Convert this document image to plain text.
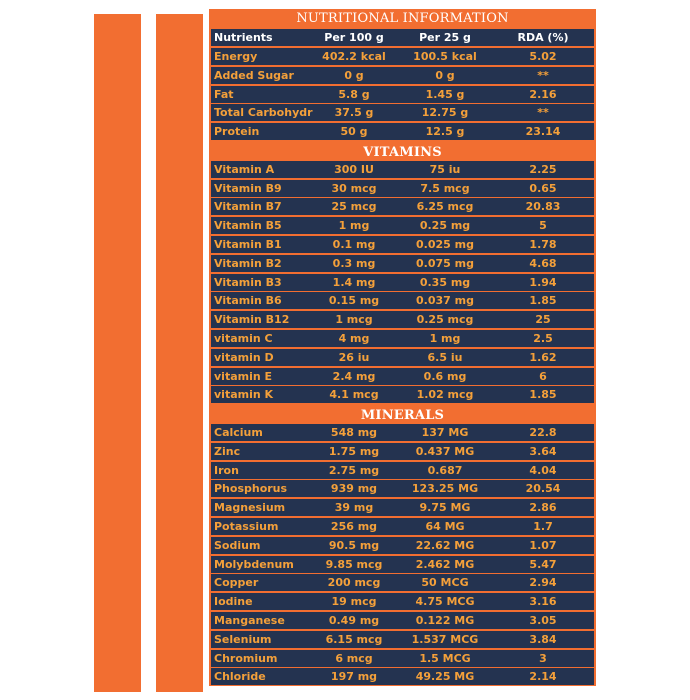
NUTRITIONAL INFORMATION
Nutrients	Per 100 g	Per 25 g	RDA (%)
Energy	402.2 kcal	100.5 kcal	5.02
Added Sugar	0 g	0 g	**
Fat	5.8 g	1.45 g	2.16
Total Carbohydr	37.5 g	12.75 g	**
Protein	50 g	12.5 g	23.14
VITAMINS
Vitamin A	300 IU	75 iu	2.25
Vitamin B9	30 mcg	7.5 mcg	0.65
Vitamin B7	25 mcg	6.25 mcg	20.83
Vitamin B5	1 mg	0.25 mg	5
Vitamin B1	0.1 mg	0.025 mg	1.78
Vitamin B2	0.3 mg	0.075 mg	4.68
Vitamin B3	1.4 mg	0.35 mg	1.94
Vitamin B6	0.15 mg	0.037 mg	1.85
Vitamin B12	1 mcg	0.25 mcg	25
vitamin C	4 mg	1 mg	2.5
vitamin D	26 iu	6.5 iu	1.62
vitamin E	2.4 mg	0.6 mg	6
vitamin K	4.1 mcg	1.02 mcg	1.85
MINERALS
Calcium	548 mg	137 MG	22.8
Zinc	1.75 mg	0.437 MG	3.64
Iron	2.75 mg	0.687	4.04
Phosphorus	939 mg	123.25 MG	20.54
Magnesium	39 mg	9.75 MG	2.86
Potassium	256 mg	64 MG	1.7
Sodium	90.5 mg	22.62 MG	1.07
Molybdenum	9.85 mcg	2.462 MG	5.47
Copper	200 mcg	50 MCG	2.94
Iodine	19 mcg	4.75 MCG	3.16
Manganese	0.49 mg	0.122 MG	3.05
Selenium	6.15 mcg	1.537 MCG	3.84
Chromium	6 mcg	1.5 MCG	3
Chloride	197 mg	49.25 MG	2.14
